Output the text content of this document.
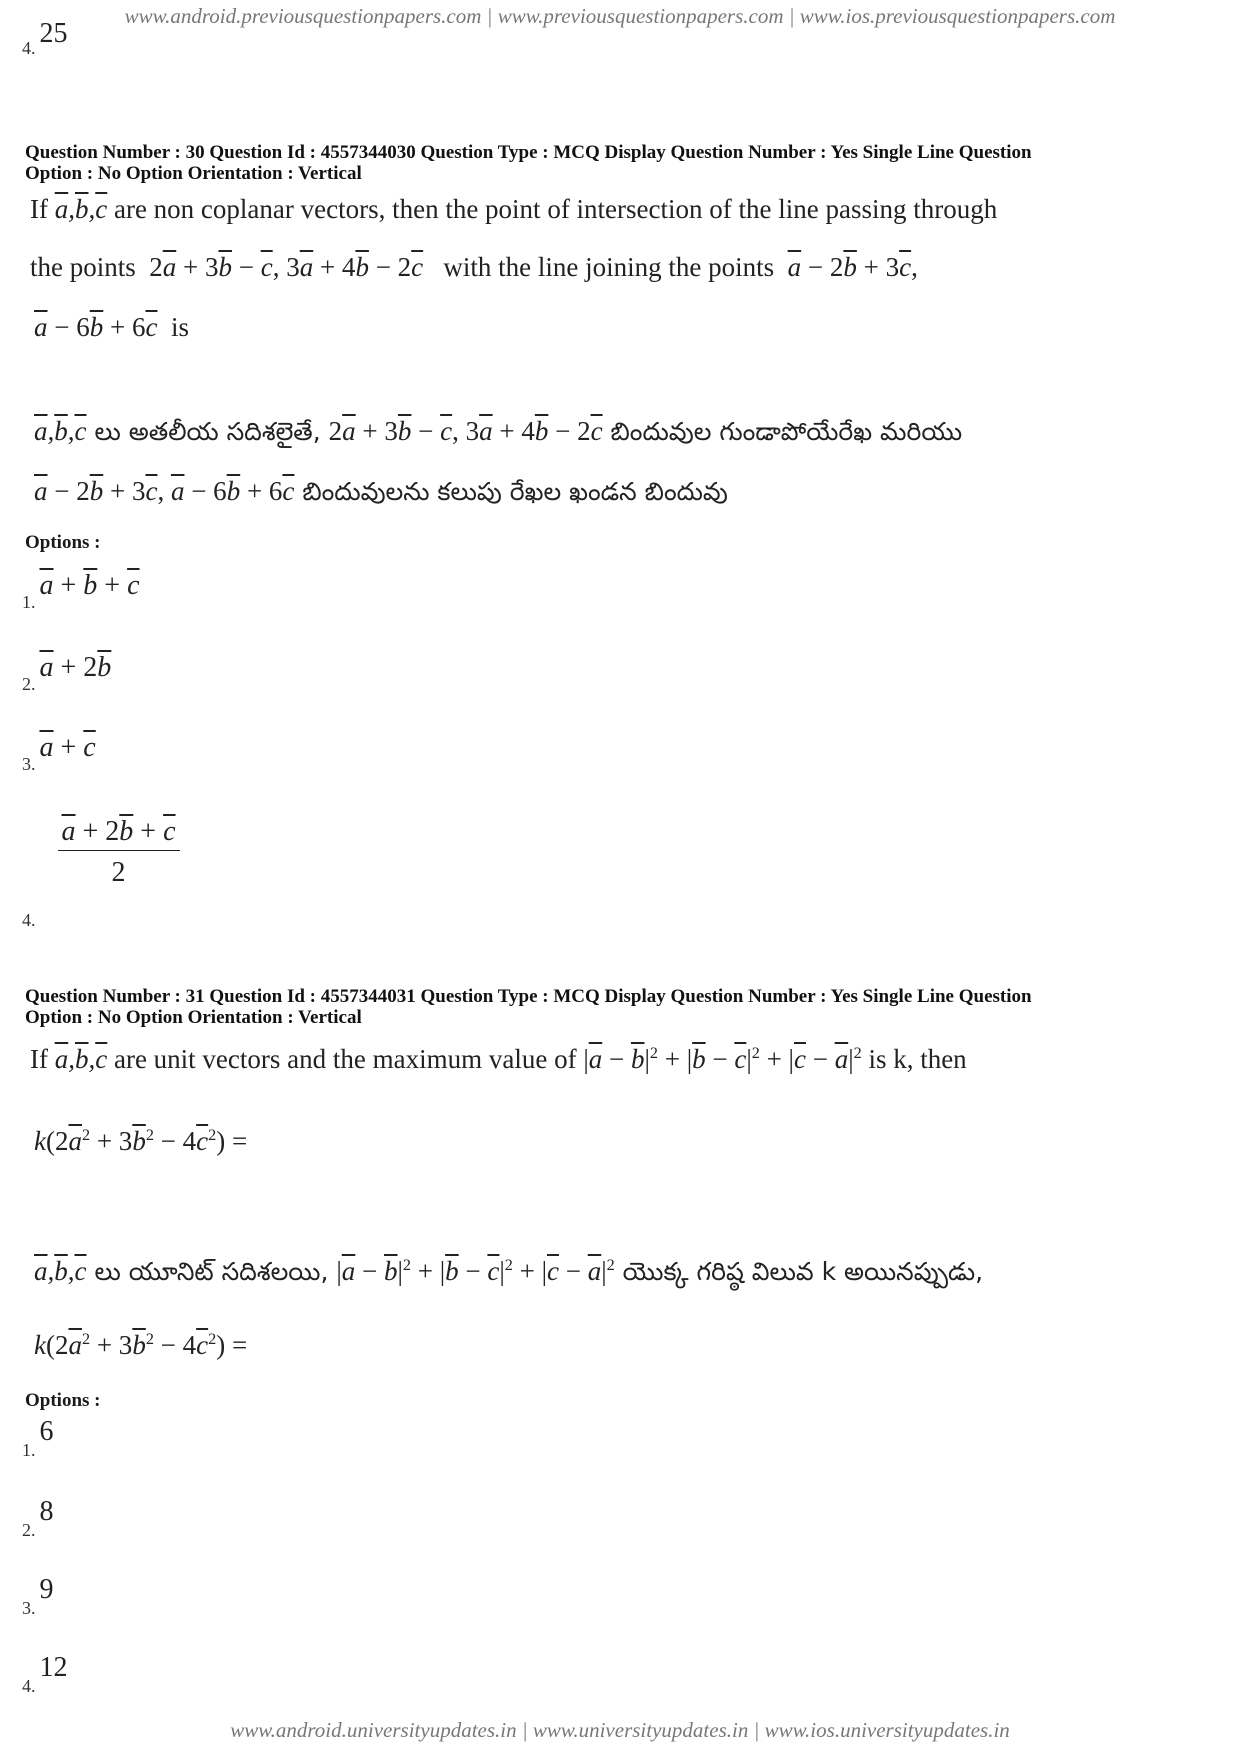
www.android.previousquestionpapers.com | www.previousquestionpapers.com | www.ios.previousquestionpapers.com
www.android.universityupdates.in | www.universityupdates.in | www.ios.universityupdates.in
4. 25
Question Number : 30 Question Id : 4557344030 Question Type : MCQ Display Question Number : Yes Single Line Question
Option : No Option Orientation : Vertical
If $\overline{a},\overline{b},\overline{c}$ are non coplanar vectors, then the point of intersection of the line passing through
the points $2\overline{a} + 3\overline{b} - \overline{c}$, $3\overline{a} + 4\overline{b} - 2\overline{c}$ with the line joining the points $\overline{a} - 2\overline{b} + 3\overline{c}$,
$\overline{a} - 6\overline{b} + 6\overline{c}$ is
$\overline{a},\overline{b},\overline{c}$ లు అతలీయ సదిశలైతే, $2\overline{a} + 3\overline{b} - \overline{c}$, $3\overline{a} + 4\overline{b} - 2\overline{c}$ బిందువుల గుండాపోయేరేఖ మరియు
$\overline{a} - 2\overline{b} + 3\overline{c}$, $\overline{a} - 6\overline{b} + 6\overline{c}$ బిందువులను కలుపు రేఖల ఖండన బిందువు
Options :
1. $\overline{a} + \overline{b} + \overline{c}$
2. $\overline{a} + 2\overline{b}$
3. $\overline{a} + \overline{c}$
4.
$\frac{\overline{a} + 2\overline{b} + \overline{c}}{2}$
Question Number : 31 Question Id : 4557344031 Question Type : MCQ Display Question Number : Yes Single Line Question
Option : No Option Orientation : Vertical
If $\overline{a},\overline{b},\overline{c}$ are unit vectors and the maximum value of $|\overline{a} - \overline{b}|^2 + |\overline{b} - \overline{c}|^2 + |\overline{c} - \overline{a}|^2$ is k, then
$k(2\overline{a}^2 + 3\overline{b}^2 - 4\overline{c}^2)$ =
$\overline{a},\overline{b},\overline{c}$ లు యూనిట్ సదిశలయి, $|\overline{a} - \overline{b}|^2 + |\overline{b} - \overline{c}|^2 + |\overline{c} - \overline{a}|^2$ యొక్క గరిష్ఠ విలువ k అయినప్పుడు,
$k(2\overline{a}^2 + 3\overline{b}^2 - 4\overline{c}^2)$ =
Options :
1. 6
2. 8
3. 9
4. 12
